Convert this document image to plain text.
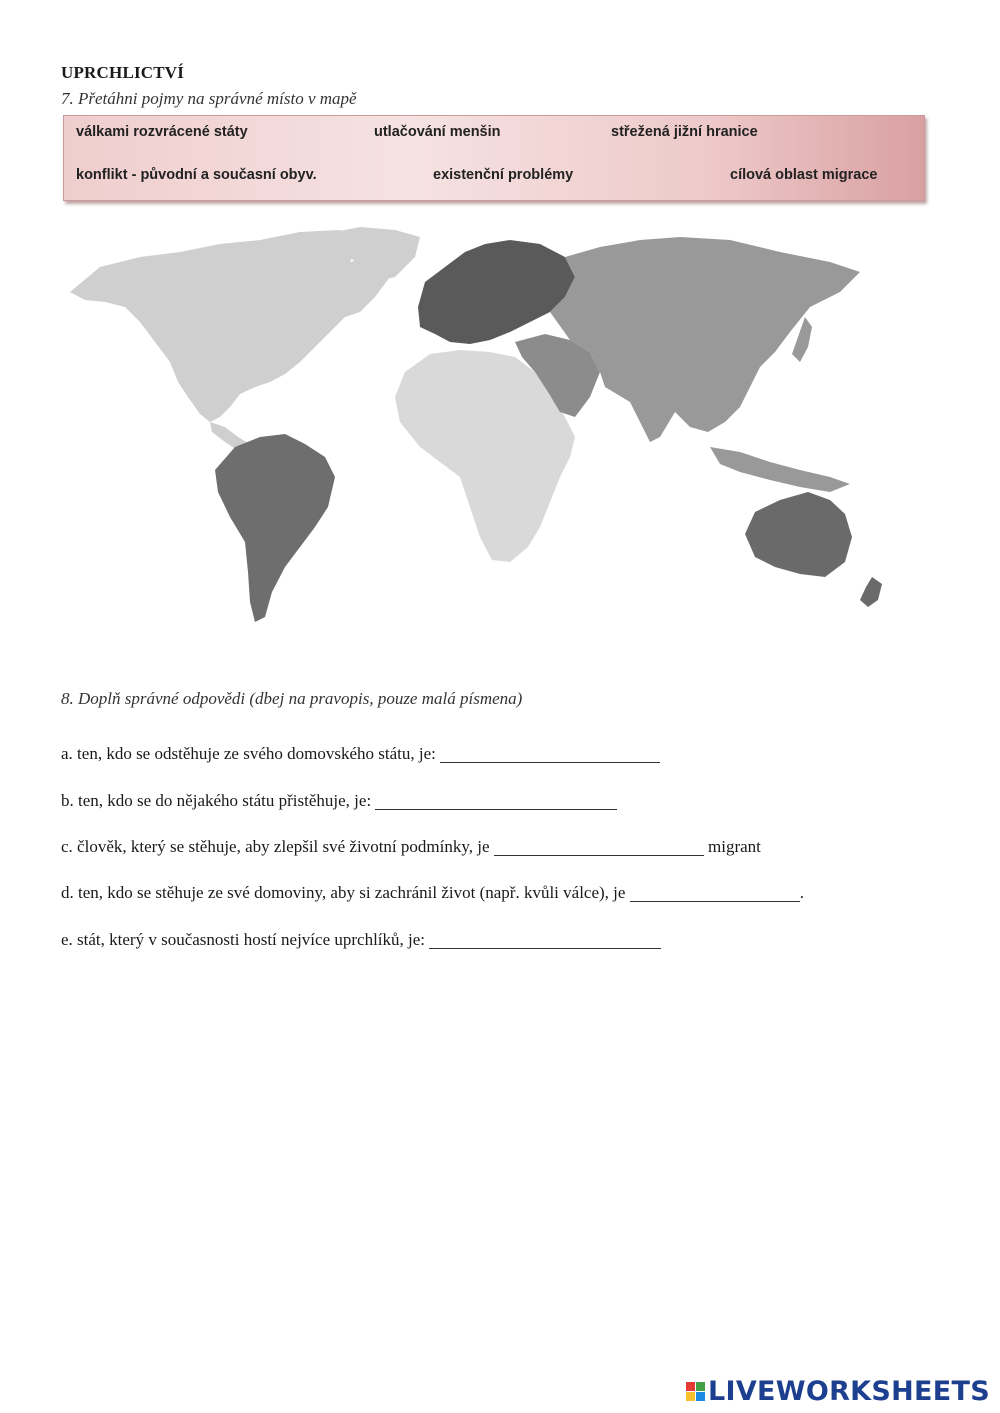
UPRCHLICTVÍ
7. Přetáhni pojmy na správné místo v mapě
válkami rozvrácené státy	utlačování menšin	střežená jižní hranice
konflikt - původní a současní obyv.	existenční problémy	cílová oblast migrace
8. Doplň správné odpovědi (dbej na pravopis, pouze malá písmena)
a. ten, kdo se odstěhuje ze svého domovského státu, je:
b. ten, kdo se do nějakého státu přistěhuje, je:
c. člověk, který se stěhuje, aby zlepšil své životní podmínky, je	migrant
d. ten, kdo se stěhuje ze své domoviny, aby si zachránil život (např. kvůli válce), je	.
e. stát, který v současnosti hostí nejvíce uprchlíků, je:
LIVEWORKSHEETS
